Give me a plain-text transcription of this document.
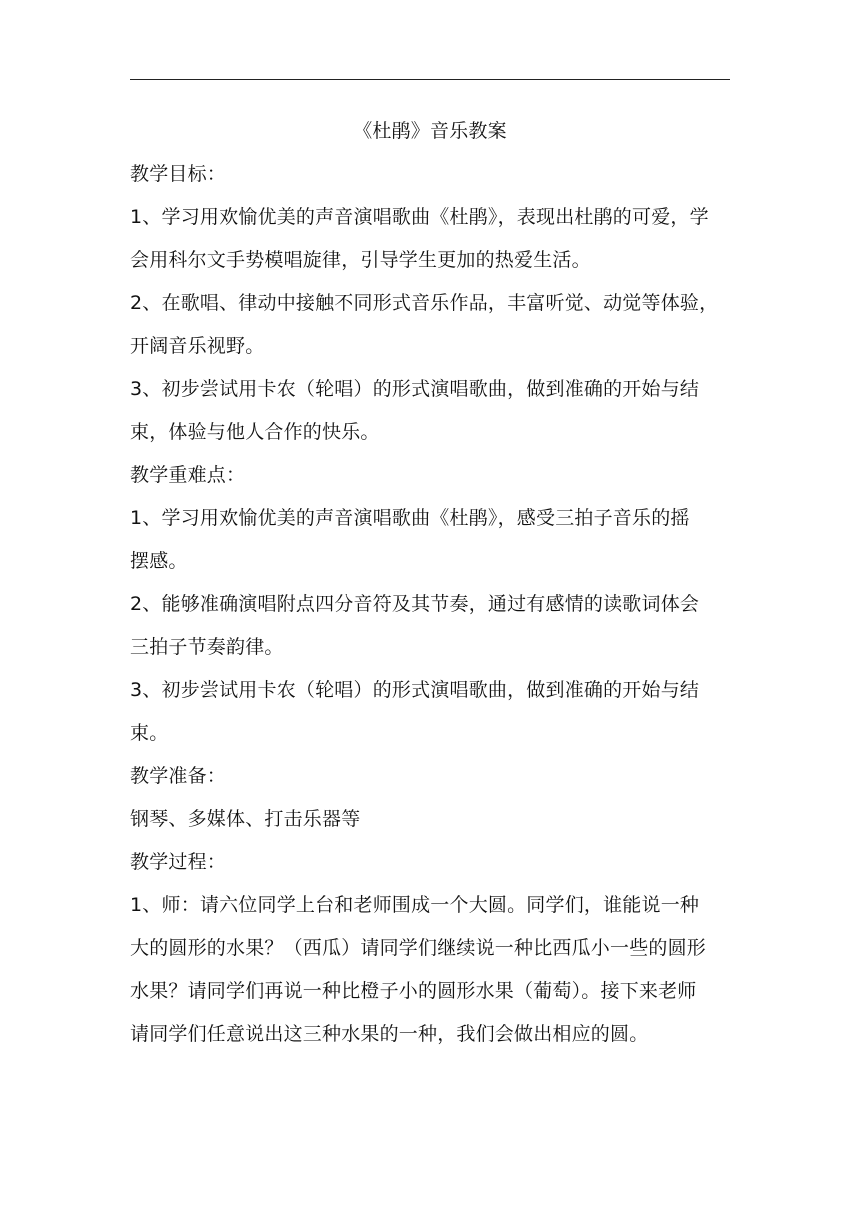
《杜鹃》音乐教案
教学目标：
1、学习用欢愉优美的声音演唱歌曲《杜鹃》，表现出杜鹃的可爱，学
会用科尔文手势模唱旋律，引导学生更加的热爱生活。
2、在歌唱、律动中接触不同形式音乐作品，丰富听觉、动觉等体验，
开阔音乐视野。
3、初步尝试用卡农（轮唱）的形式演唱歌曲，做到准确的开始与结
束，体验与他人合作的快乐。
教学重难点：
1、学习用欢愉优美的声音演唱歌曲《杜鹃》，感受三拍子音乐的摇
摆感。
2、能够准确演唱附点四分音符及其节奏，通过有感情的读歌词体会
三拍子节奏韵律。
3、初步尝试用卡农（轮唱）的形式演唱歌曲，做到准确的开始与结
束。
教学准备：
钢琴、多媒体、打击乐器等
教学过程：
1、师：请六位同学上台和老师围成一个大圆。同学们，谁能说一种
大的圆形的水果？（西瓜）请同学们继续说一种比西瓜小一些的圆形
水果？请同学们再说一种比橙子小的圆形水果（葡萄）。接下来老师
请同学们任意说出这三种水果的一种，我们会做出相应的圆。
